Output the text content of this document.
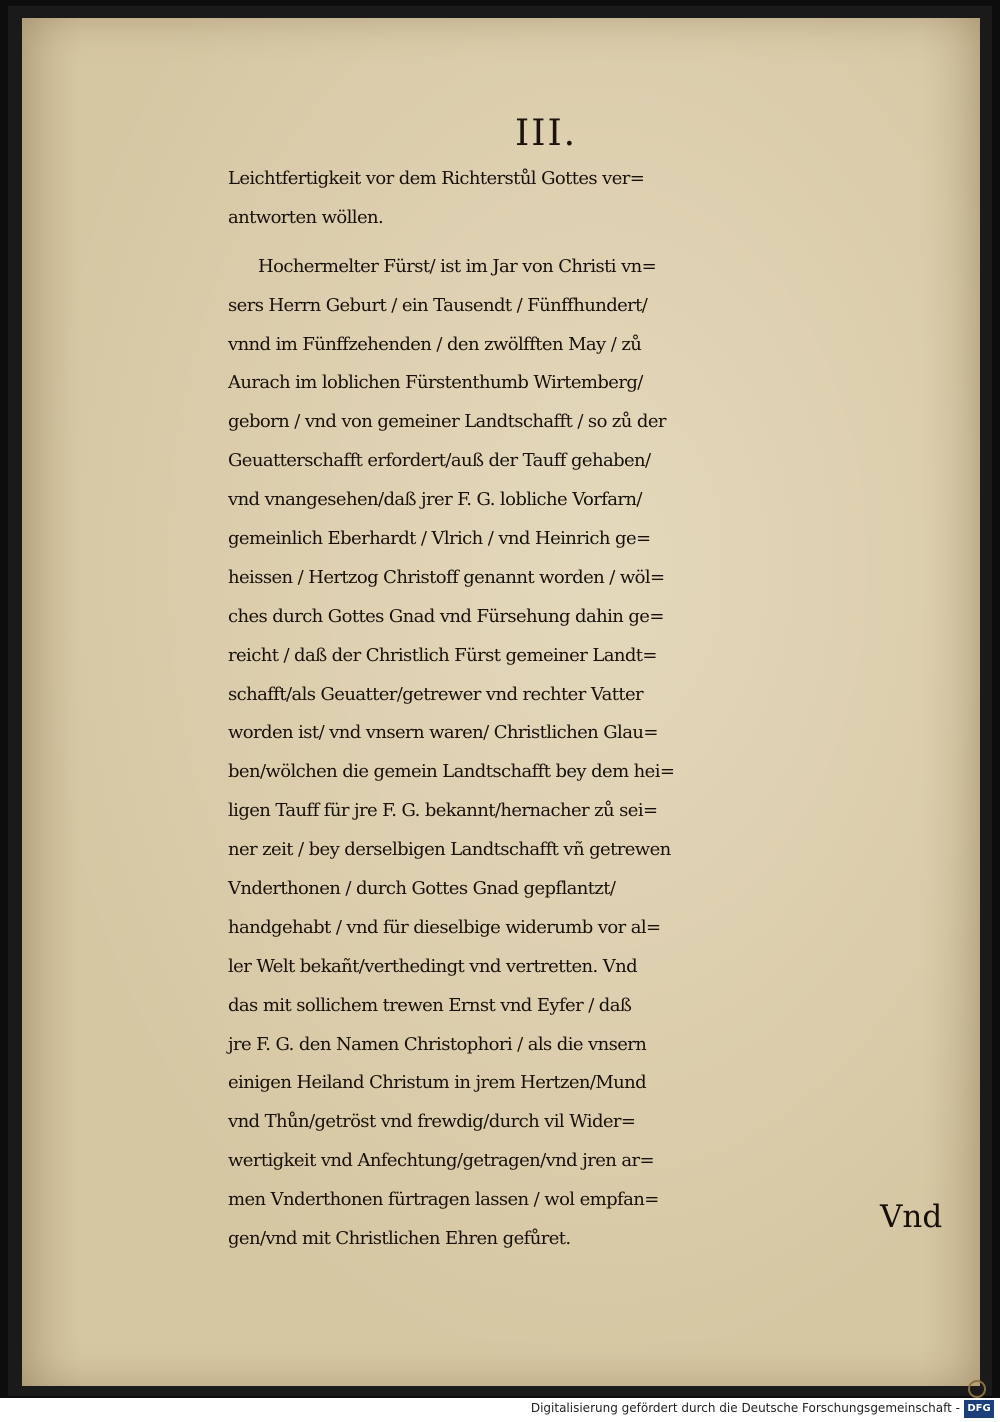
III.
Leichtfertigkeit vor dem Richterstůl Gottes ver=
antworten wöllen.
Hochermelter Fürst/ ist im Jar von Christi vn=
sers Herrn Geburt / ein Tausendt / Fünffhundert/
vnnd im Fünffzehenden / den zwölfften May / zů
Aurach im loblichen Fürstenthumb Wirtemberg/
geborn / vnd von gemeiner Landtschafft / so zů der
Geuatterschafft erfordert/auß der Tauff gehaben/
vnd vnangesehen/daß jrer F. G. lobliche Vorfarn/
gemeinlich Eberhardt / Vlrich / vnd Heinrich ge=
heissen / Hertzog Christoff genannt worden / wöl=
ches durch Gottes Gnad vnd Fürsehung dahin ge=
reicht / daß der Christlich Fürst gemeiner Landt=
schafft/als Geuatter/getrewer vnd rechter Vatter
worden ist/ vnd vnsern waren/ Christlichen Glau=
ben/wölchen die gemein Landtschafft bey dem hei=
ligen Tauff für jre F. G. bekannt/hernacher zů sei=
ner zeit / bey derselbigen Landtschafft vñ getrewen
Vnderthonen / durch Gottes Gnad gepflantzt/
handgehabt / vnd für dieselbige widerumb vor al=
ler Welt bekañt/verthedingt vnd vertretten. Vnd
das mit sollichem trewen Ernst vnd Eyfer / daß
jre F. G. den Namen Christophori / als die vnsern
einigen Heiland Christum in jrem Hertzen/Mund
vnd Thůn/getröst vnd frewdig/durch vil Wider=
wertigkeit vnd Anfechtung/getragen/vnd jren ar=
men Vnderthonen fürtragen lassen / wol empfan=
gen/vnd mit Christlichen Ehren gefůret.
Vnd
Digitalisierung gefördert durch die Deutsche Forschungsgemeinschaft - DFG
